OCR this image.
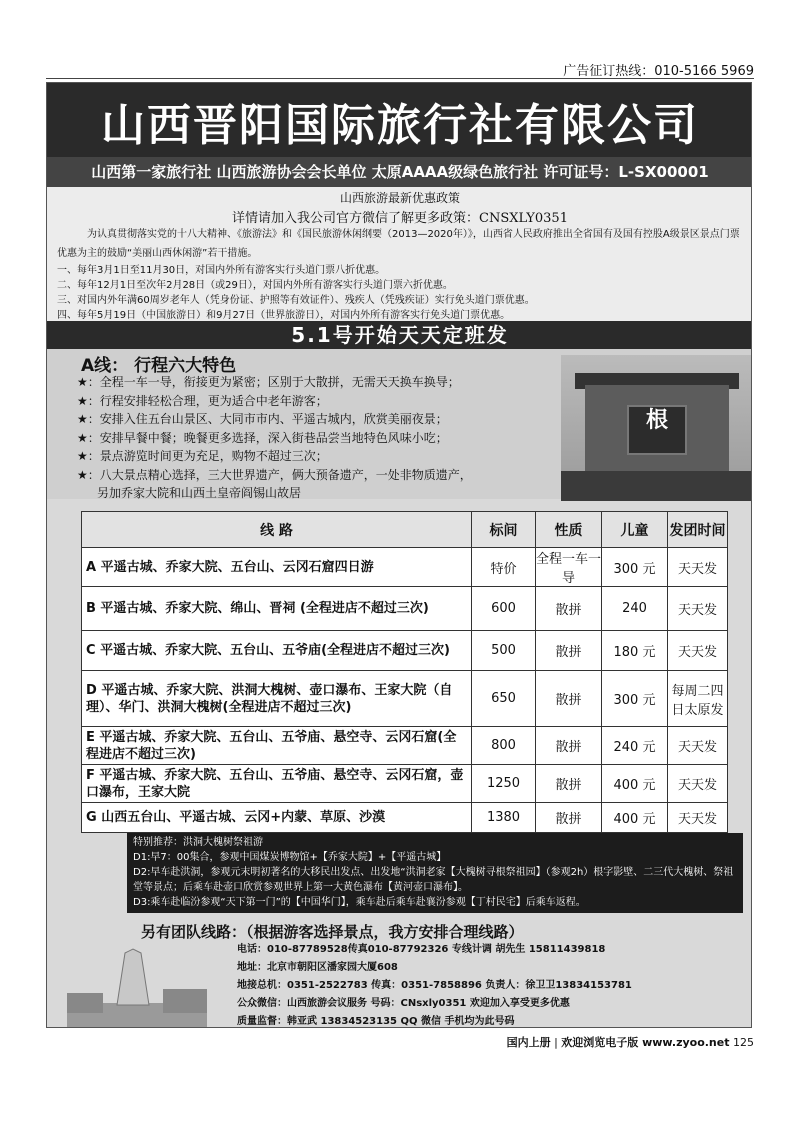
广告征订热线：010-5166 5969
山西晋阳国际旅行社有限公司
山西第一家旅行社 山西旅游协会会长单位 太原AAAA级绿色旅行社 许可证号：L-SX00001
山西旅游最新优惠政策
详情请加入我公司官方微信了解更多政策：CNSXLY0351
为认真贯彻落实党的十八大精神、《旅游法》和《国民旅游休闲纲要（2013—2020年）》，山西省人民政府推出全省国有及国有控股A级景区景点门票优惠为主的鼓励“美丽山西休闲游”若干措施。
一、每年3月1日至11月30日，对国内外所有游客实行头道门票八折优惠。
二、每年12月1日至次年2月28日（或29日），对国内外所有游客实行头道门票六折优惠。
三、对国内外年满60周岁老年人（凭身份证、护照等有效证件）、残疾人（凭残疾证）实行免头道门票优惠。
四、每年5月19日（中国旅游日）和9月27日（世界旅游日），对国内外所有游客实行免头道门票优惠。
5.1号开始天天定班发
A线： 行程六大特色
★：全程一车一导，衔接更为紧密；区别于大散拼，无需天天换车换导；
★：行程安排轻松合理，更为适合中老年游客；
★：安排入住五台山景区、大同市市内、平遥古城内，欣赏美丽夜景；
★：安排早餐中餐；晚餐更多选择，深入街巷品尝当地特色风味小吃；
★：景点游览时间更为充足，购物不超过三次；
★：八大景点精心选择，三大世界遗产，俩大预备遗产，一处非物质遗产，
另加乔家大院和山西土皇帝阎锡山故居
根
线 路	标间	性质	儿童	发团时间
A 平遥古城、乔家大院、五台山、云冈石窟四日游	特价	全程一车一导	300 元	天天发
B 平遥古城、乔家大院、绵山、晋祠 (全程进店不超过三次)	600	散拼	240	天天发
C 平遥古城、乔家大院、五台山、五爷庙(全程进店不超过三次)	500	散拼	180 元	天天发
D 平遥古城、乔家大院、洪洞大槐树、壶口瀑布、王家大院（自理）、华门、洪洞大槐树(全程进店不超过三次)	650	散拼	300 元	每周二四日太原发
E 平遥古城、乔家大院、五台山、五爷庙、悬空寺、云冈石窟(全程进店不超过三次)	800	散拼	240 元	天天发
F 平遥古城、乔家大院、五台山、五爷庙、悬空寺、云冈石窟，壶口瀑布，王家大院	1250	散拼	400 元	天天发
G 山西五台山、平遥古城、云冈+内蒙、草原、沙漠	1380	散拼	400 元	天天发
特别推荐：洪洞大槐树祭祖游
D1:早7：00集合，参观中国煤炭博物馆+【乔家大院】+【平遥古城】
D2:早车赴洪洞，参观元末明初著名的大移民出发点、出发地“洪洞老家【大槐树寻根祭祖园】（参观2h）根字影壁、二三代大槐树、祭祖堂等景点；后乘车赴壶口欣赏参观世界上第一大黄色瀑布【黄河壶口瀑布】。
D3:乘车赴临汾参观“天下第一门”的【中国华门】，乘车赴后乘车赴襄汾参观【丁村民宅】后乘车返程。
另有团队线路：（根据游客选择景点，我方安排合理线路）
电话：010-87789528传真010-87792326 专线计调 胡先生 15811439818
地址：北京市朝阳区潘家园大厦608
地接总机：0351-2522783 传真：0351-7858896 负责人：徐卫卫13834153781
公众微信：山西旅游会议服务 号码：CNsxly0351 欢迎加入享受更多优惠
质量监督：韩亚武 13834523135 QQ 微信 手机均为此号码
国内上册 | 欢迎浏览电子版 www.zyoo.net 125
